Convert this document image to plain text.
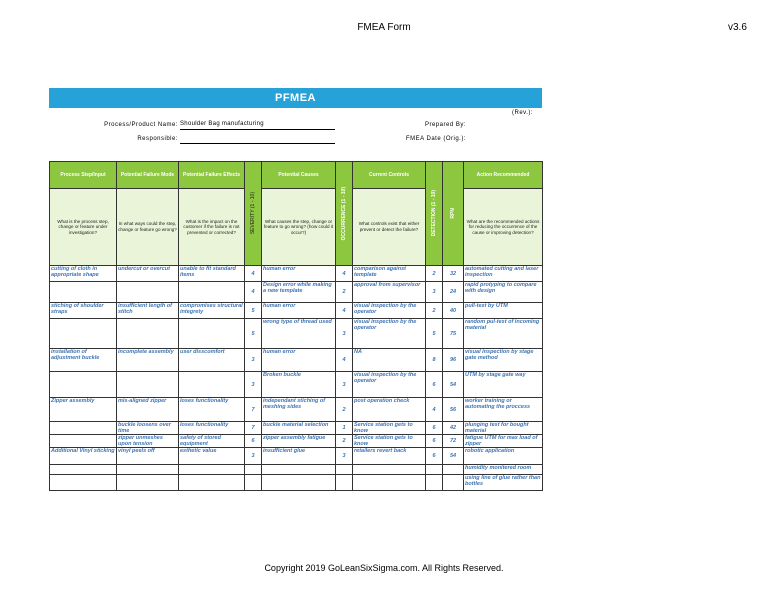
FMEA Form	v3.6
PFMEA
(Rev.):
Process/Product Name: Shoulder Bag manufacturing
Responsible:
Prepared By:
FMEA Date (Orig.):
Process Step/Input	Potential Failure Mode	Potential Failure Effects	SEVERITY (1 - 10)	Potential Causes	OCCURRENCE (1 - 10)	Current Controls	DETECTION (1 - 10)	RPN	Action Recommended
What is the process step, change or feature under investigation?	In what ways could the step, change or feature go wrong?	What is the impact on the customer if the failure is not prevented or corrected?		What causes the step, change or feature to go wrong? (how could it occur?)		What controls exist that either prevent or detect the failure?			What are the recommended actions for reducing the occurrence of the cause or improving detection?
cutting of cloth in appropriate shape	undercut or overcut	unable to fit standard items	4	human error	4	comparison against template	2	32	automated cutting and laser inspection
			4	Design error while making a new template	2	approval from supervisor	3	24	rapid protyping to compare with design
stiching of shoulder straps	insufficient length of stitch	compromises structural integrety	5	human error	4	visual inspection by the operator	2	40	pull-test by UTM
			5	wrong type of thread used	3	visual inspection by the operator	5	75	random pul-test of incoming material
installation of adjustment buckle	incomplete assembly	user disscomfort	3	human error	4	NA	8	96	visual inspection by stage gate method
			3	Broken buckle	3	visual inspection by the operator	6	54	UTM by stage gate way
Zipper assembly	mis-aligned zipper	loses functionality	7	independant stiching of meshing sides	2	post operation check	4	56	worker training or automating the proccess
	buckle loosens over time	loses functionality	7	buckle material selection	1	Service station gets to know	6	42	plunging test for bought material
	zipper unmeshes upon tension	safety of stored equipment	6	zipper assembly fatigue	2	Service station gets to know	6	72	fatigue UTM for max load of zipper
Additional Vinyl sticking	vinyl peels off	esthetic value	3	insufficient glue	3	retailers revert back	6	54	robotic application
									humidity monitered room
									using line of glue rather than bottles
Copyright 2019 GoLeanSixSigma.com. All Rights Reserved.
